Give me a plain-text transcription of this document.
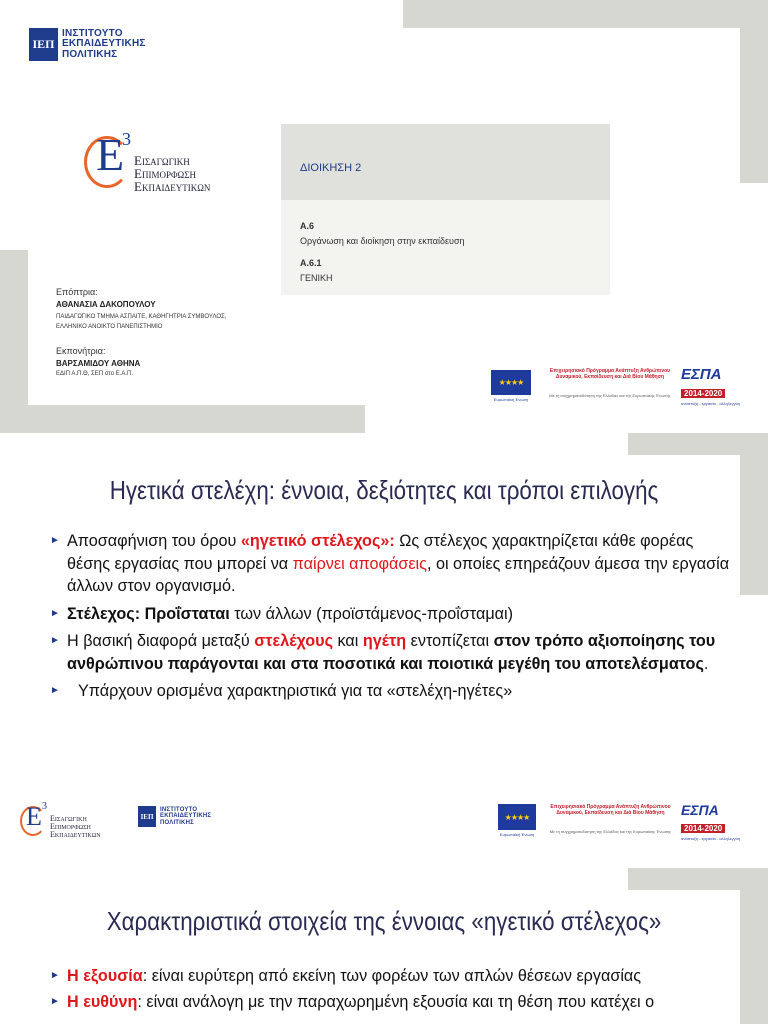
ΙΕΠ
ΙΝΣΤΙΤΟΥΤΟ
ΕΚΠΑΙΔΕΥΤΙΚΗΣ
ΠΟΛΙΤΙΚΗΣ
Ε
3
Εισαγωγικη
Επιμορφωση
Εκπαιδευτικων
ΔΙΟΙΚΗΣΗ 2
Α.6
Οργάνωση και διοίκηση στην εκπαίδευση
Α.6.1
ΓΕΝΙΚΗ
Επόπτρια:
ΑΘΑΝΑΣΙΑ ΔΑΚΟΠΟΥΛΟΥ
ΠΑΙΔΑΓΩΓΙΚΟ ΤΜΗΜΑ ΑΣΠΑΙΤΕ, ΚΑΘΗΓΗΤΡΙΑ ΣΥΜΒΟΥΛΟΣ,
ΕΛΛΗΝΙΚΟ ΑΝΟΙΚΤΟ ΠΑΝΕΠΙΣΤΗΜΙΟ
Εκπονήτρια:
ΒΑΡΣΑΜΙΔΟΥ ΑΘΗΝΑ
ΕΔΙΠ Α.Π.Θ, ΣΕΠ στο Ε.Α.Π.
★★★★
Ευρωπαϊκή Ένωση
Επιχειρησιακό Πρόγραμμα Ανάπτυξη Ανθρώπινου Δυναμικού, Εκπαίδευση και Διά Βίου Μάθηση
Με τη συγχρηματοδότηση της Ελλάδας και της Ευρωπαϊκής Ένωσης
ΕΣΠΑ
2014-2020
ανάπτυξη - εργασία - αλληλεγγύη
Ηγετικά στελέχη: έννοια, δεξιότητες και τρόποι επιλογής
► Αποσαφήνιση του όρου «ηγετικό στέλεχος»: Ως στέλεχος χαρακτηρίζεται κάθε φορέας θέσης εργασίας που μπορεί να παίρνει αποφάσεις, οι οποίες επηρεάζουν άμεσα την εργασία άλλων στον οργανισμό.
► Στέλεχος: Προΐσταται των άλλων (προϊστάμενος-προΐσταμαι)
► Η βασική διαφορά μεταξύ στελέχους και ηγέτη εντοπίζεται στον τρόπο αξιοποίησης του ανθρώπινου παράγονται και στα ποσοτικά και ποιοτικά μεγέθη του αποτελέσματος.
► Υπάρχουν ορισμένα χαρακτηριστικά για τα «στελέχη-ηγέτες»
Ε 3
Εισαγωγικη
Επιμορφωση
Εκπαιδευτικων
ΙΕΠ
ΙΝΣΤΙΤΟΥΤΟ
ΕΚΠΑΙΔΕΥΤΙΚΗΣ
ΠΟΛΙΤΙΚΗΣ
★★★★
Ευρωπαϊκή Ένωση
Επιχειρησιακό Πρόγραμμα Ανάπτυξη Ανθρώπινου Δυναμικού, Εκπαίδευση και Διά Βίου Μάθηση
Με τη συγχρηματοδότηση της Ελλάδας και της Ευρωπαϊκής Ένωσης
ΕΣΠΑ
2014-2020
ανάπτυξη - εργασία - αλληλεγγύη
Χαρακτηριστικά στοιχεία της έννοιας «ηγετικό στέλεχος»
► Η εξουσία: είναι ευρύτερη από εκείνη των φορέων των απλών θέσεων εργασίας
► Η ευθύνη: είναι ανάλογη με την παραχωρημένη εξουσία και τη θέση που κατέχει ο
